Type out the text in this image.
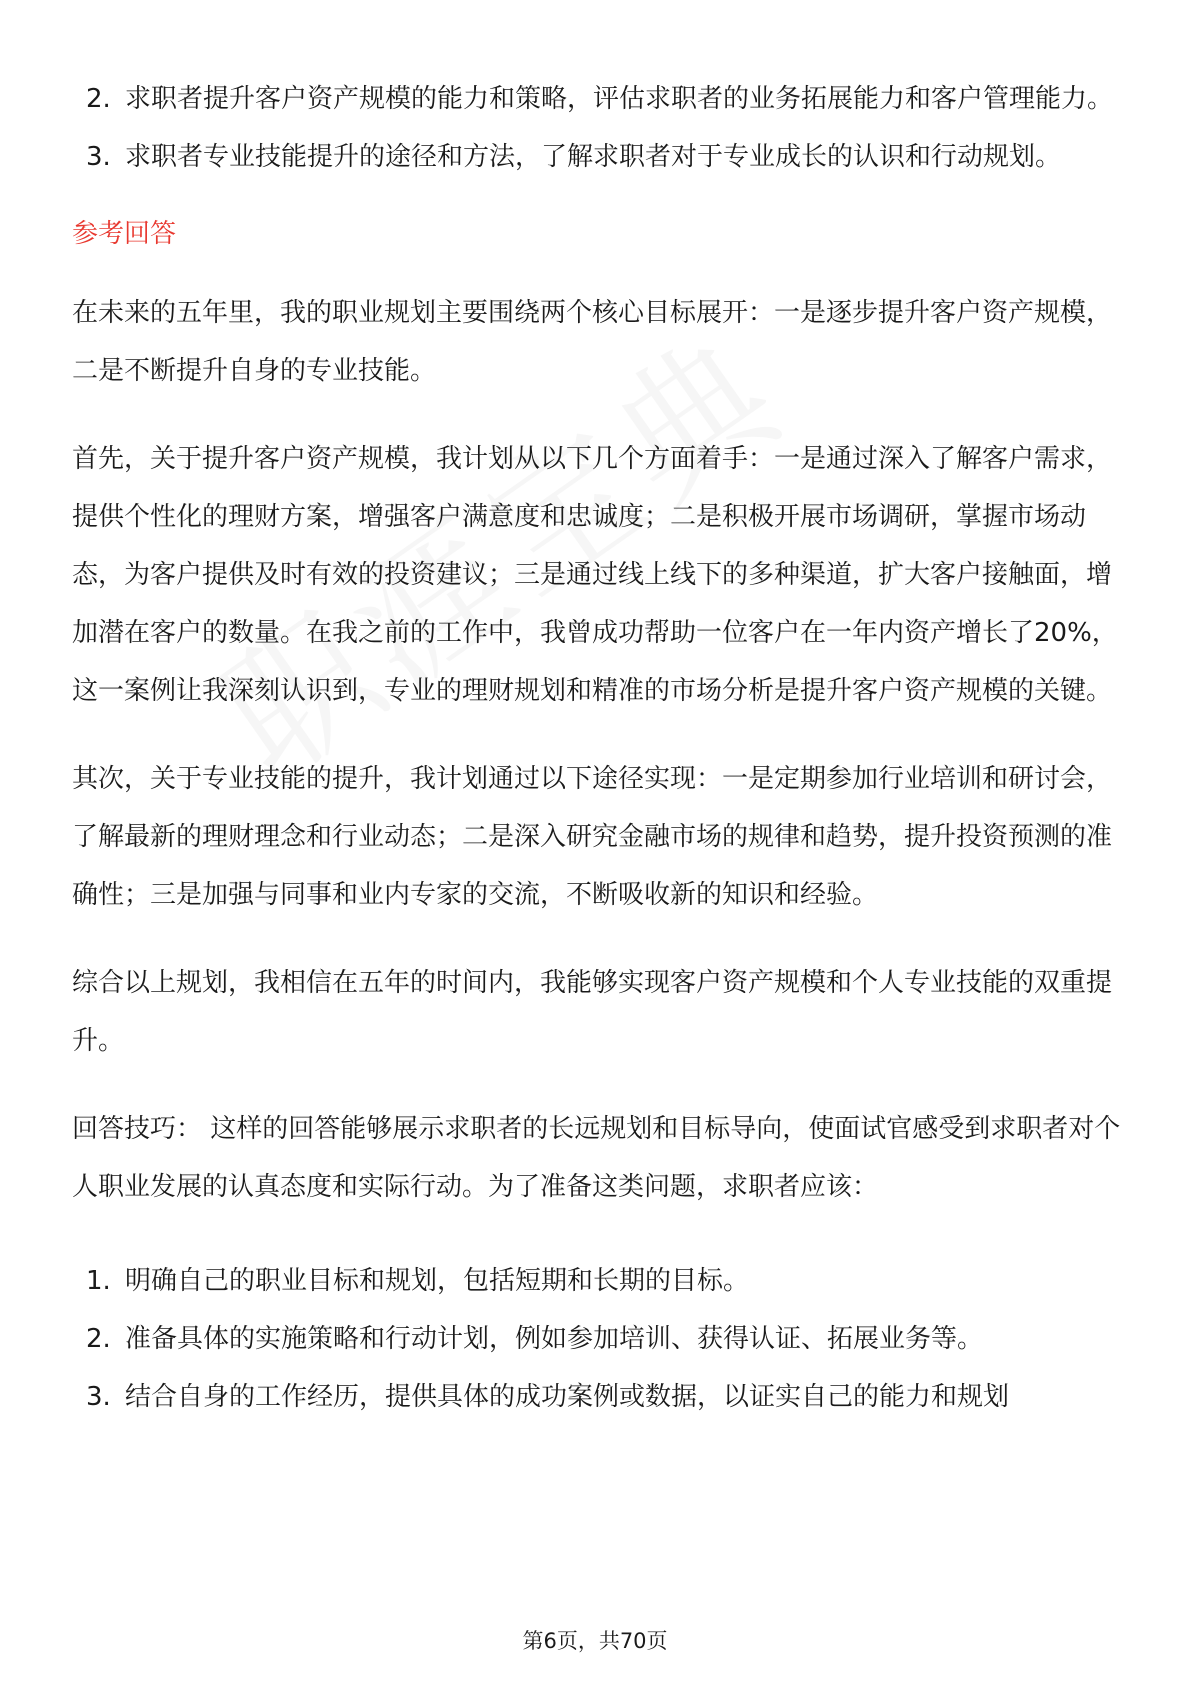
2. 求职者提升客户资产规模的能力和策略，评估求职者的业务拓展能力和客户管理能力。
3. 求职者专业技能提升的途径和方法，了解求职者对于专业成长的认识和行动规划。
参考回答

在未来的五年里，我的职业规划主要围绕两个核心目标展开：一是逐步提升客户资产规模，二是不断提升自身的专业技能。

首先，关于提升客户资产规模，我计划从以下几个方面着手：一是通过深入了解客户需求，提供个性化的理财方案，增强客户满意度和忠诚度；二是积极开展市场调研，掌握市场动态，为客户提供及时有效的投资建议；三是通过线上线下的多种渠道，扩大客户接触面，增加潜在客户的数量。在我之前的工作中，我曾成功帮助一位客户在一年内资产增长了20%，这一案例让我深刻认识到，专业的理财规划和精准的市场分析是提升客户资产规模的关键。

其次，关于专业技能的提升，我计划通过以下途径实现：一是定期参加行业培训和研讨会，了解最新的理财理念和行业动态；二是深入研究金融市场的规律和趋势，提升投资预测的准确性；三是加强与同事和业内专家的交流，不断吸收新的知识和经验。

综合以上规划，我相信在五年的时间内，我能够实现客户资产规模和个人专业技能的双重提升。

回答技巧： 这样的回答能够展示求职者的长远规划和目标导向，使面试官感受到求职者对个人职业发展的认真态度和实际行动。为了准备这类问题，求职者应该：

1. 明确自己的职业目标和规划，包括短期和长期的目标。
2. 准备具体的实施策略和行动计划，例如参加培训、获得认证、拓展业务等。
3. 结合自身的工作经历，提供具体的成功案例或数据，以证实自己的能力和规划
第6页，共70页
